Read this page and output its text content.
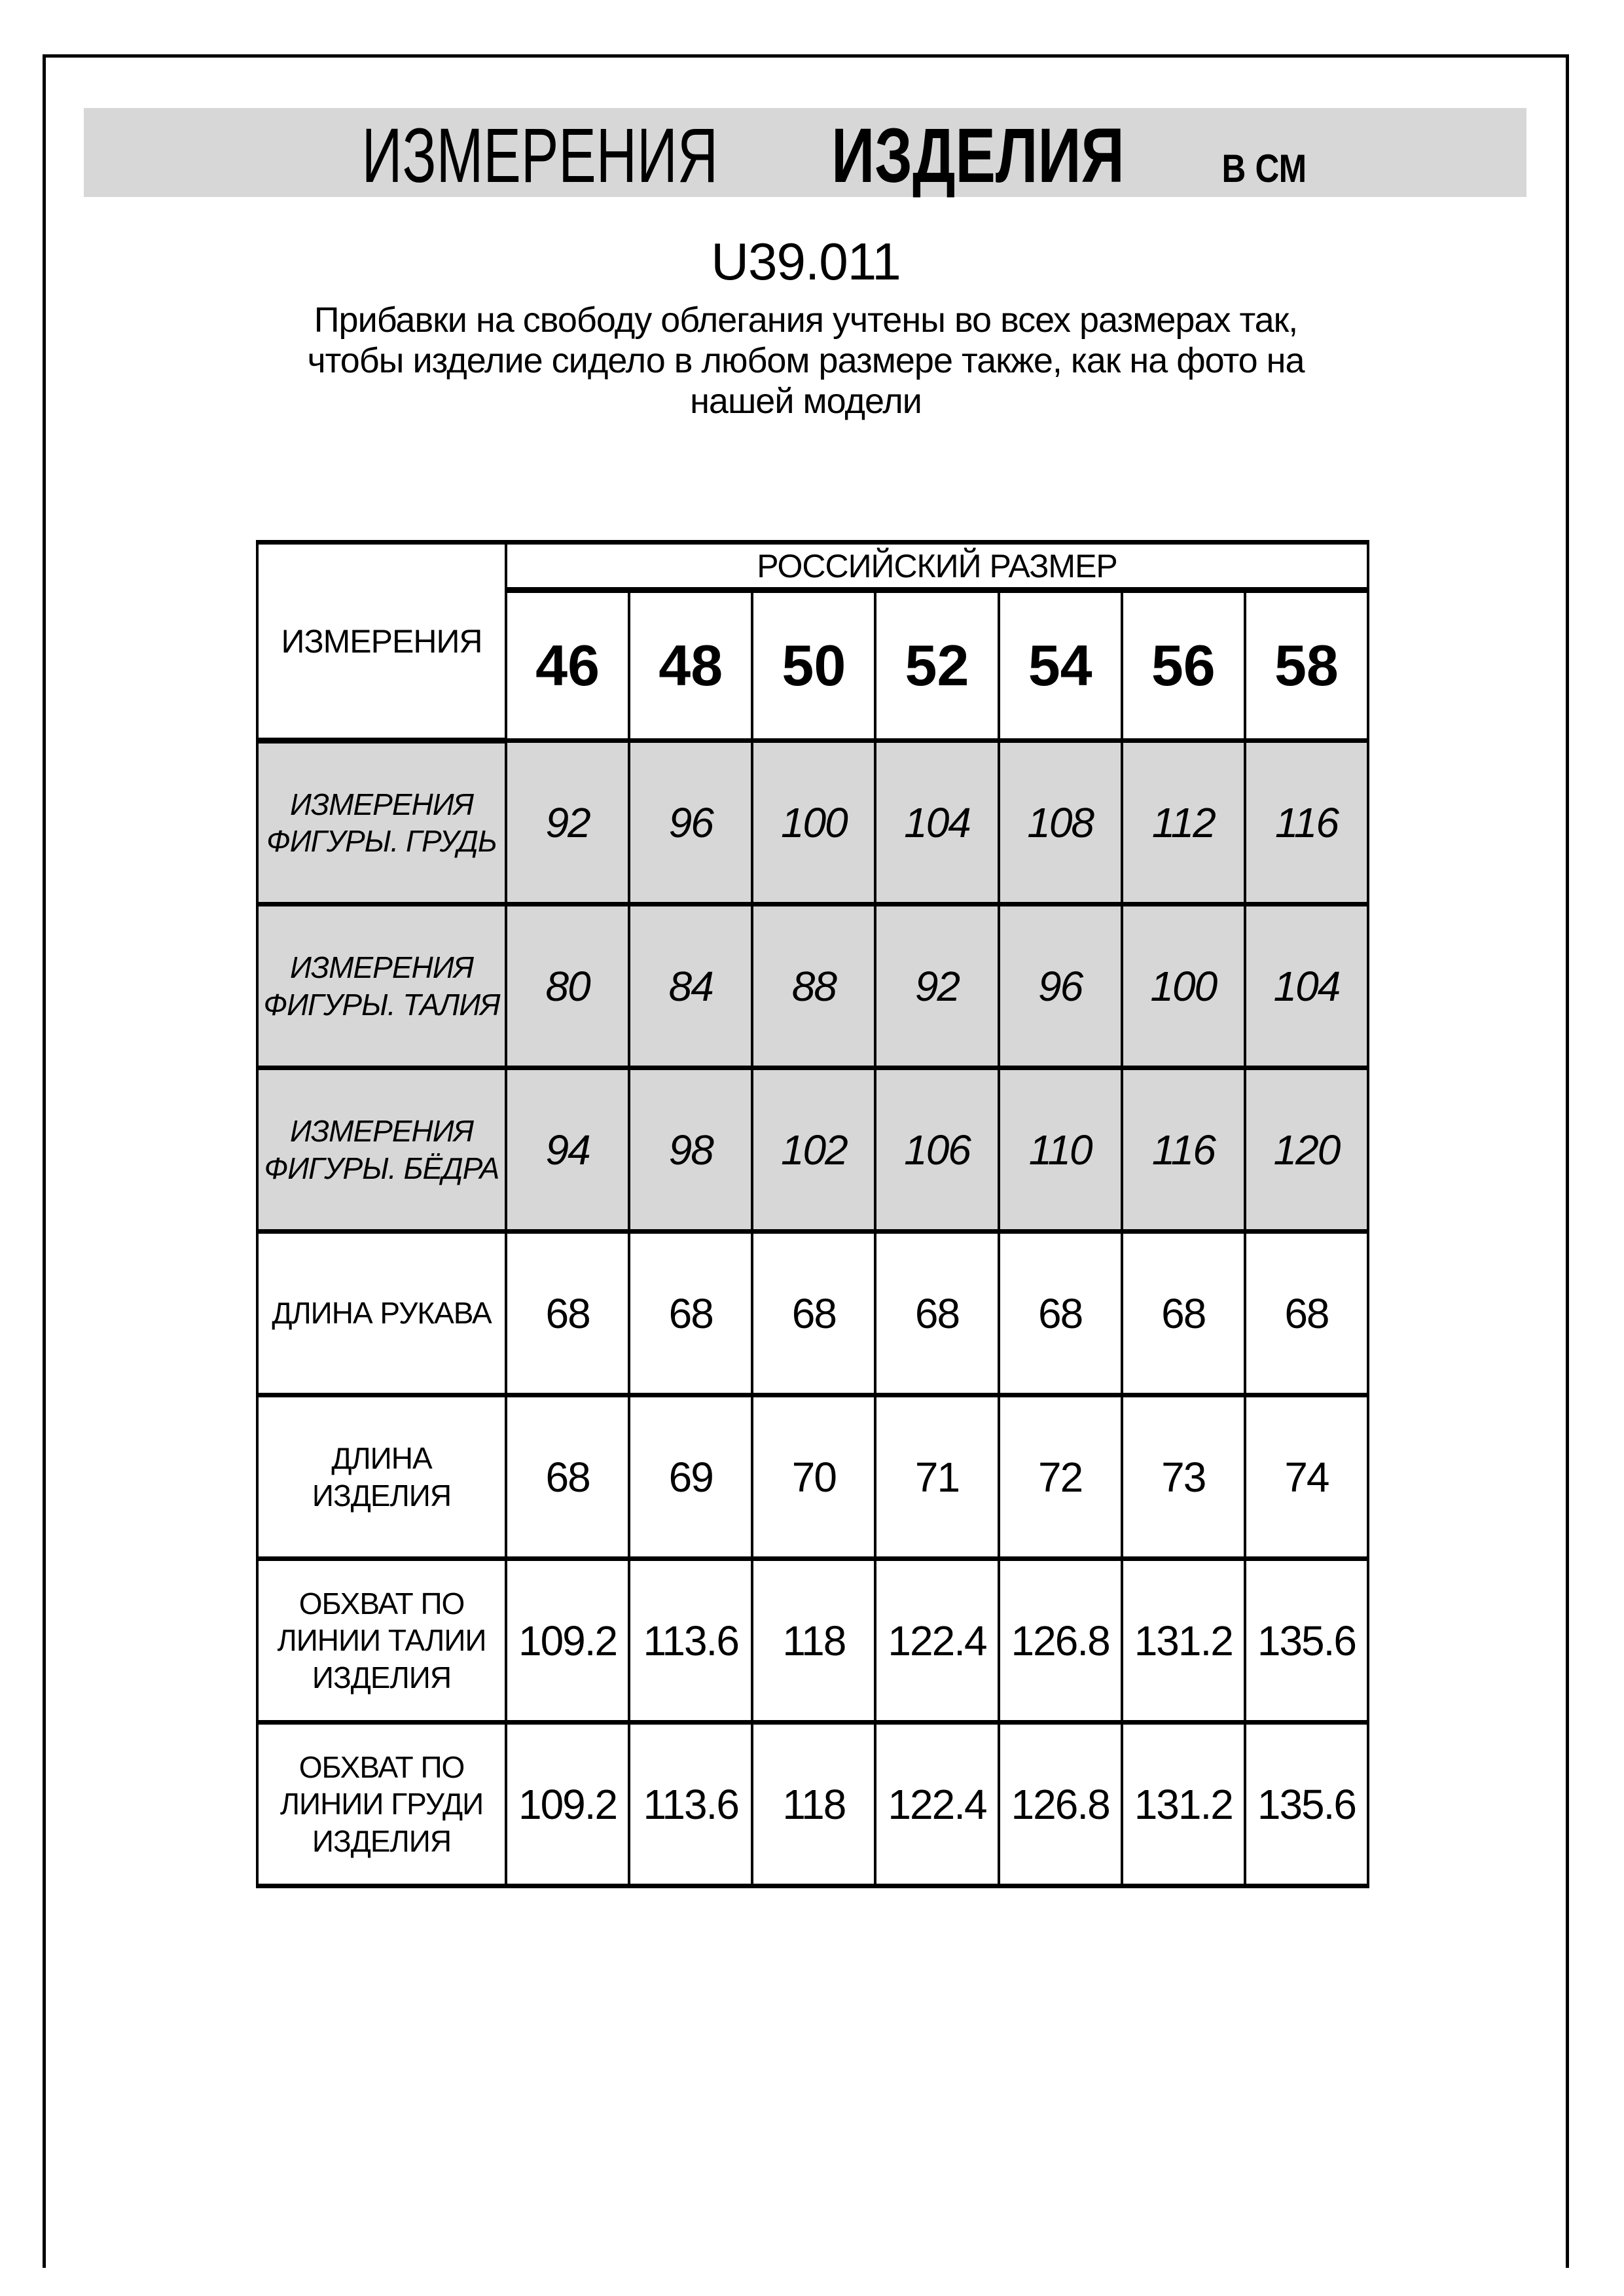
ИЗМЕРЕНИЯ ИЗДЕЛИЯ В СМ
U39.011
Прибавки на свободу облегания учтены во всех размерах так,
чтобы изделие сидело в любом размере также, как на фото на
нашей модели
ИЗМЕРЕНИЯ	РОССИЙСКИЙ РАЗМЕР						
	46	48	50	52	54	56	58
ИЗМЕРЕНИЯ ФИГУРЫ. ГРУДЬ	92	96	100	104	108	112	116
ИЗМЕРЕНИЯ ФИГУРЫ. ТАЛИЯ	80	84	88	92	96	100	104
ИЗМЕРЕНИЯ ФИГУРЫ. БЁДРА	94	98	102	106	110	116	120
ДЛИНА РУКАВА	68	68	68	68	68	68	68
ДЛИНА ИЗДЕЛИЯ	68	69	70	71	72	73	74
ОБХВАТ ПО ЛИНИИ ТАЛИИ ИЗДЕЛИЯ	109.2	113.6	118	122.4	126.8	131.2	135.6
ОБХВАТ ПО ЛИНИИ ГРУДИ ИЗДЕЛИЯ	109.2	113.6	118	122.4	126.8	131.2	135.6
